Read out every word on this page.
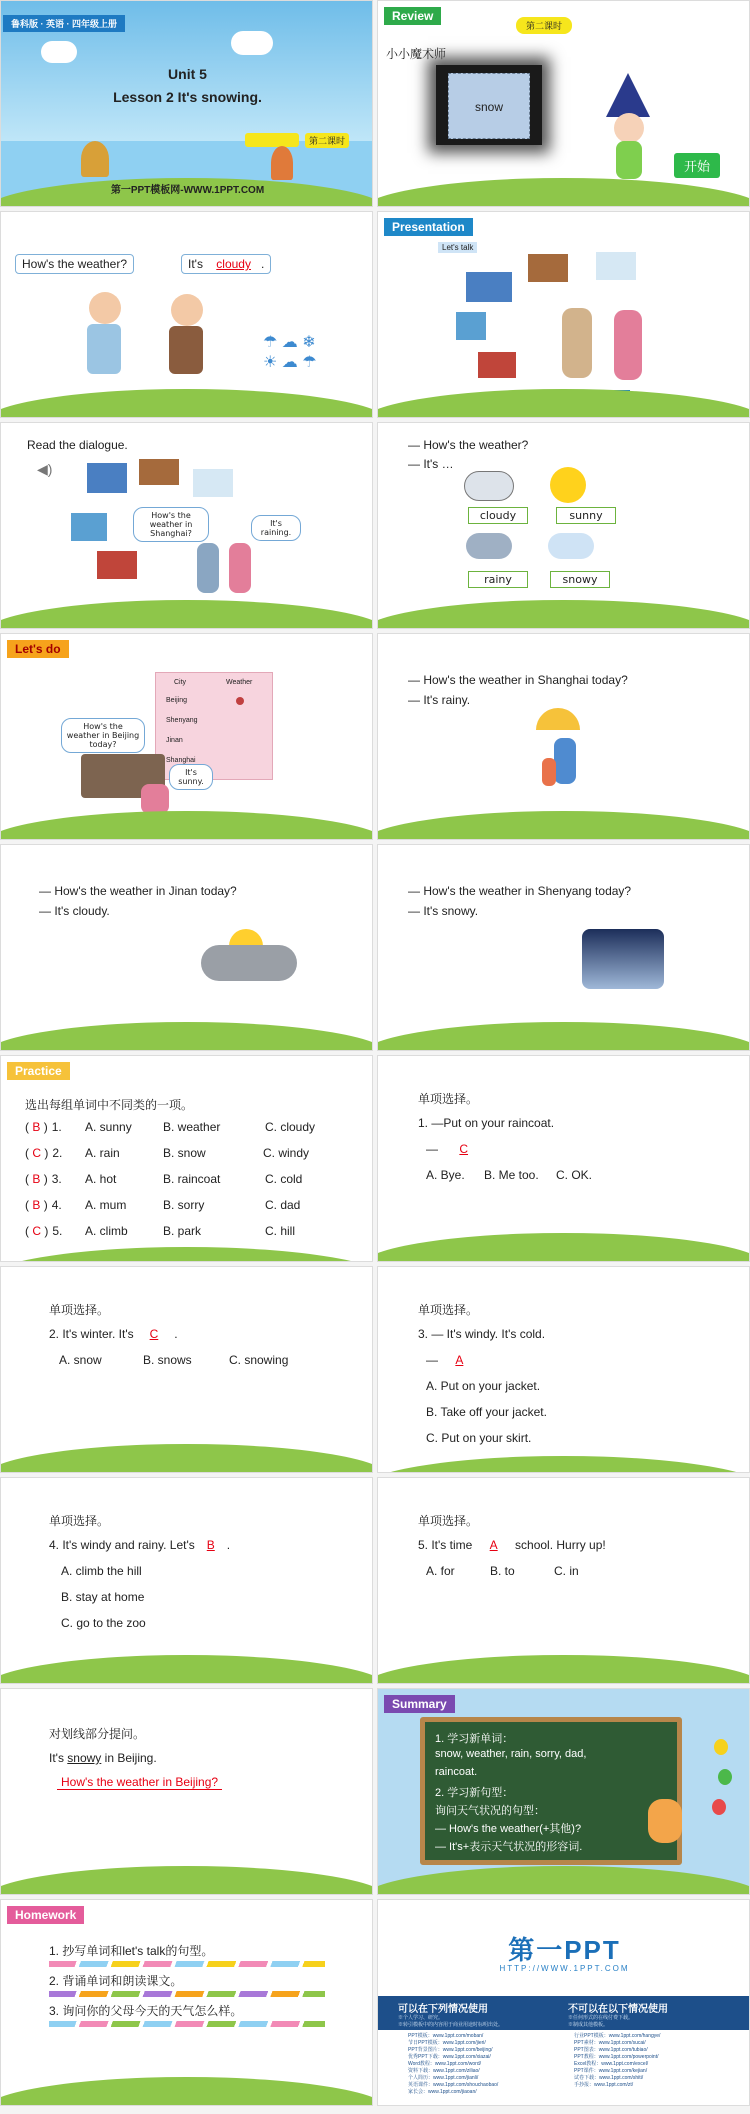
鲁科版 · 英语 · 四年级上册
Unit 5
Lesson 2 It's snowing.
第二课时
第一PPT模板网-WWW.1PPT.COM
Review
第二课时
小小魔术师
snow
开始
How's the weather?	It's cloudy .
☂ ☁ ❄
☀ ☁ ☂
Presentation
Let's talk
Read the dialogue.
◀)
How's the weather in Shanghai?
It's raining.
— How's the weather?
— It's …
cloudy	sunny
rainy	snowy
Let's do
City	Weather
Beijing
Shenyang
Jinan
Shanghai
How's the weather in Beijing today?
It's sunny.
— How's the weather in Shanghai today?
— It's rainy.
— How's the weather in Jinan today?
— It's cloudy.
— How's the weather in Shenyang today?
— It's snowy.
Practice
选出每组单词中不同类的一项。
( B ) 1. A. sunny	B. weather	C. cloudy
( C ) 2. A. rain	B. snow	C. windy
( B ) 3. A. hot	B. raincoat	C. cold
( B ) 4. A. mum	B. sorry	C. dad
( C ) 5. A. climb	B. park	C. hill
单项选择。
1. —Put on your raincoat.
— C
A. Bye. B. Me too. C. OK.
单项选择。
2. It's winter. It's C .
A. snow	B. snows	C. snowing
单项选择。
3. — It's windy. It's cold.
— A
A. Put on your jacket.
B. Take off your jacket.
C. Put on your skirt.
单项选择。
4. It's windy and rainy. Let's B .
A. climb the hill
B. stay at home
C. go to the zoo
单项选择。
5. It's time A school. Hurry up!
A. for	B. to	C. in
对划线部分提问。
It's snowy in Beijing.
How's the weather in Beijing?
Summary
1. 学习新单词：
snow, weather, rain, sorry, dad,
raincoat.
2. 学习新句型：
询问天气状况的句型：
— How's the weather(+其他)?
— It's+表示天气状况的形容词.
Homework
1. 抄写单词和let's talk的句型。
2. 背诵单词和朗读课文。
3. 询问你的父母今天的天气怎么样。
第一PPT
HTTP://WWW.1PPT.COM
可以在下列情况使用	不可以在以下情况使用
※个人学习、研究。
※转引模板中的内容用于商业用途时标明出处。
※任何形式的在线付费下载。
※制成其他模板。
PPT模板：www.1ppt.com/moban/
节日PPT模板：www.1ppt.com/jieri/
PPT背景图片：www.1ppt.com/beijing/
优秀PPT下载：www.1ppt.com/xiazai/
Word教程：www.1ppt.com/word/
资料下载：www.1ppt.com/ziliao/
个人简历：www.1ppt.com/jianli/
英语课件：www.1ppt.com/shouchaobao/
家长会：www.1ppt.com/jiaoan/
行业PPT模板：www.1ppt.com/hangye/
PPT素材：www.1ppt.com/sucai/
PPT图表：www.1ppt.com/tubiao/
PPT教程：www.1ppt.com/powerpoint/
Excel教程：www.1ppt.com/excel/
PPT课件：www.1ppt.com/kejian/
试卷下载：www.1ppt.com/shiti/
手抄报：www.1ppt.com/zt/
